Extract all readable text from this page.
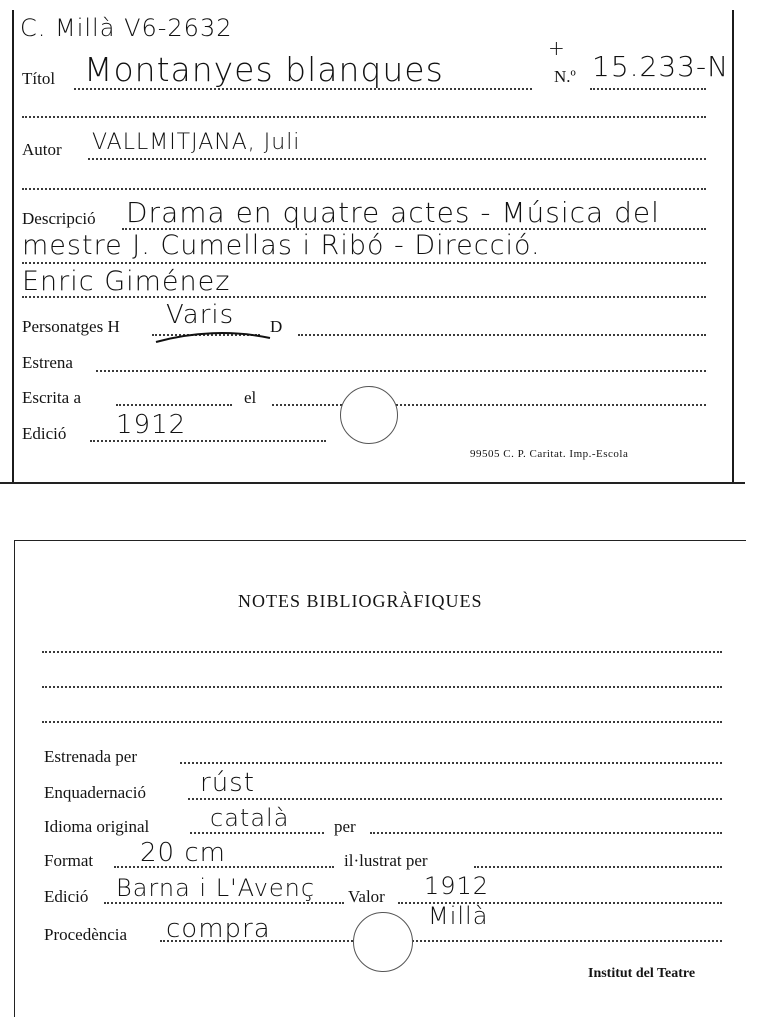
C. Millà V6-2632
Títol Montanyes blanques
+
N.º 15.233-N
Autor VALLMITJANA, Juli
Descripció Drama en quatre actes - Música del
mestre J. Cumellas i Ribó - Direcció.
Enric Giménez
Personatges H Varis D
Estrena
Escrita a	el
Edició 1912
99505 C. P. Caritat. Imp.-Escola
NOTES BIBLIOGRÀFIQUES
Estrenada per
Enquadernació rúst
Idioma original	català	per
Format 20 cm	il·lustrat per
Edició Barna i L'Avenç Valor 1912
Procedència compra	Millà
Institut del Teatre
